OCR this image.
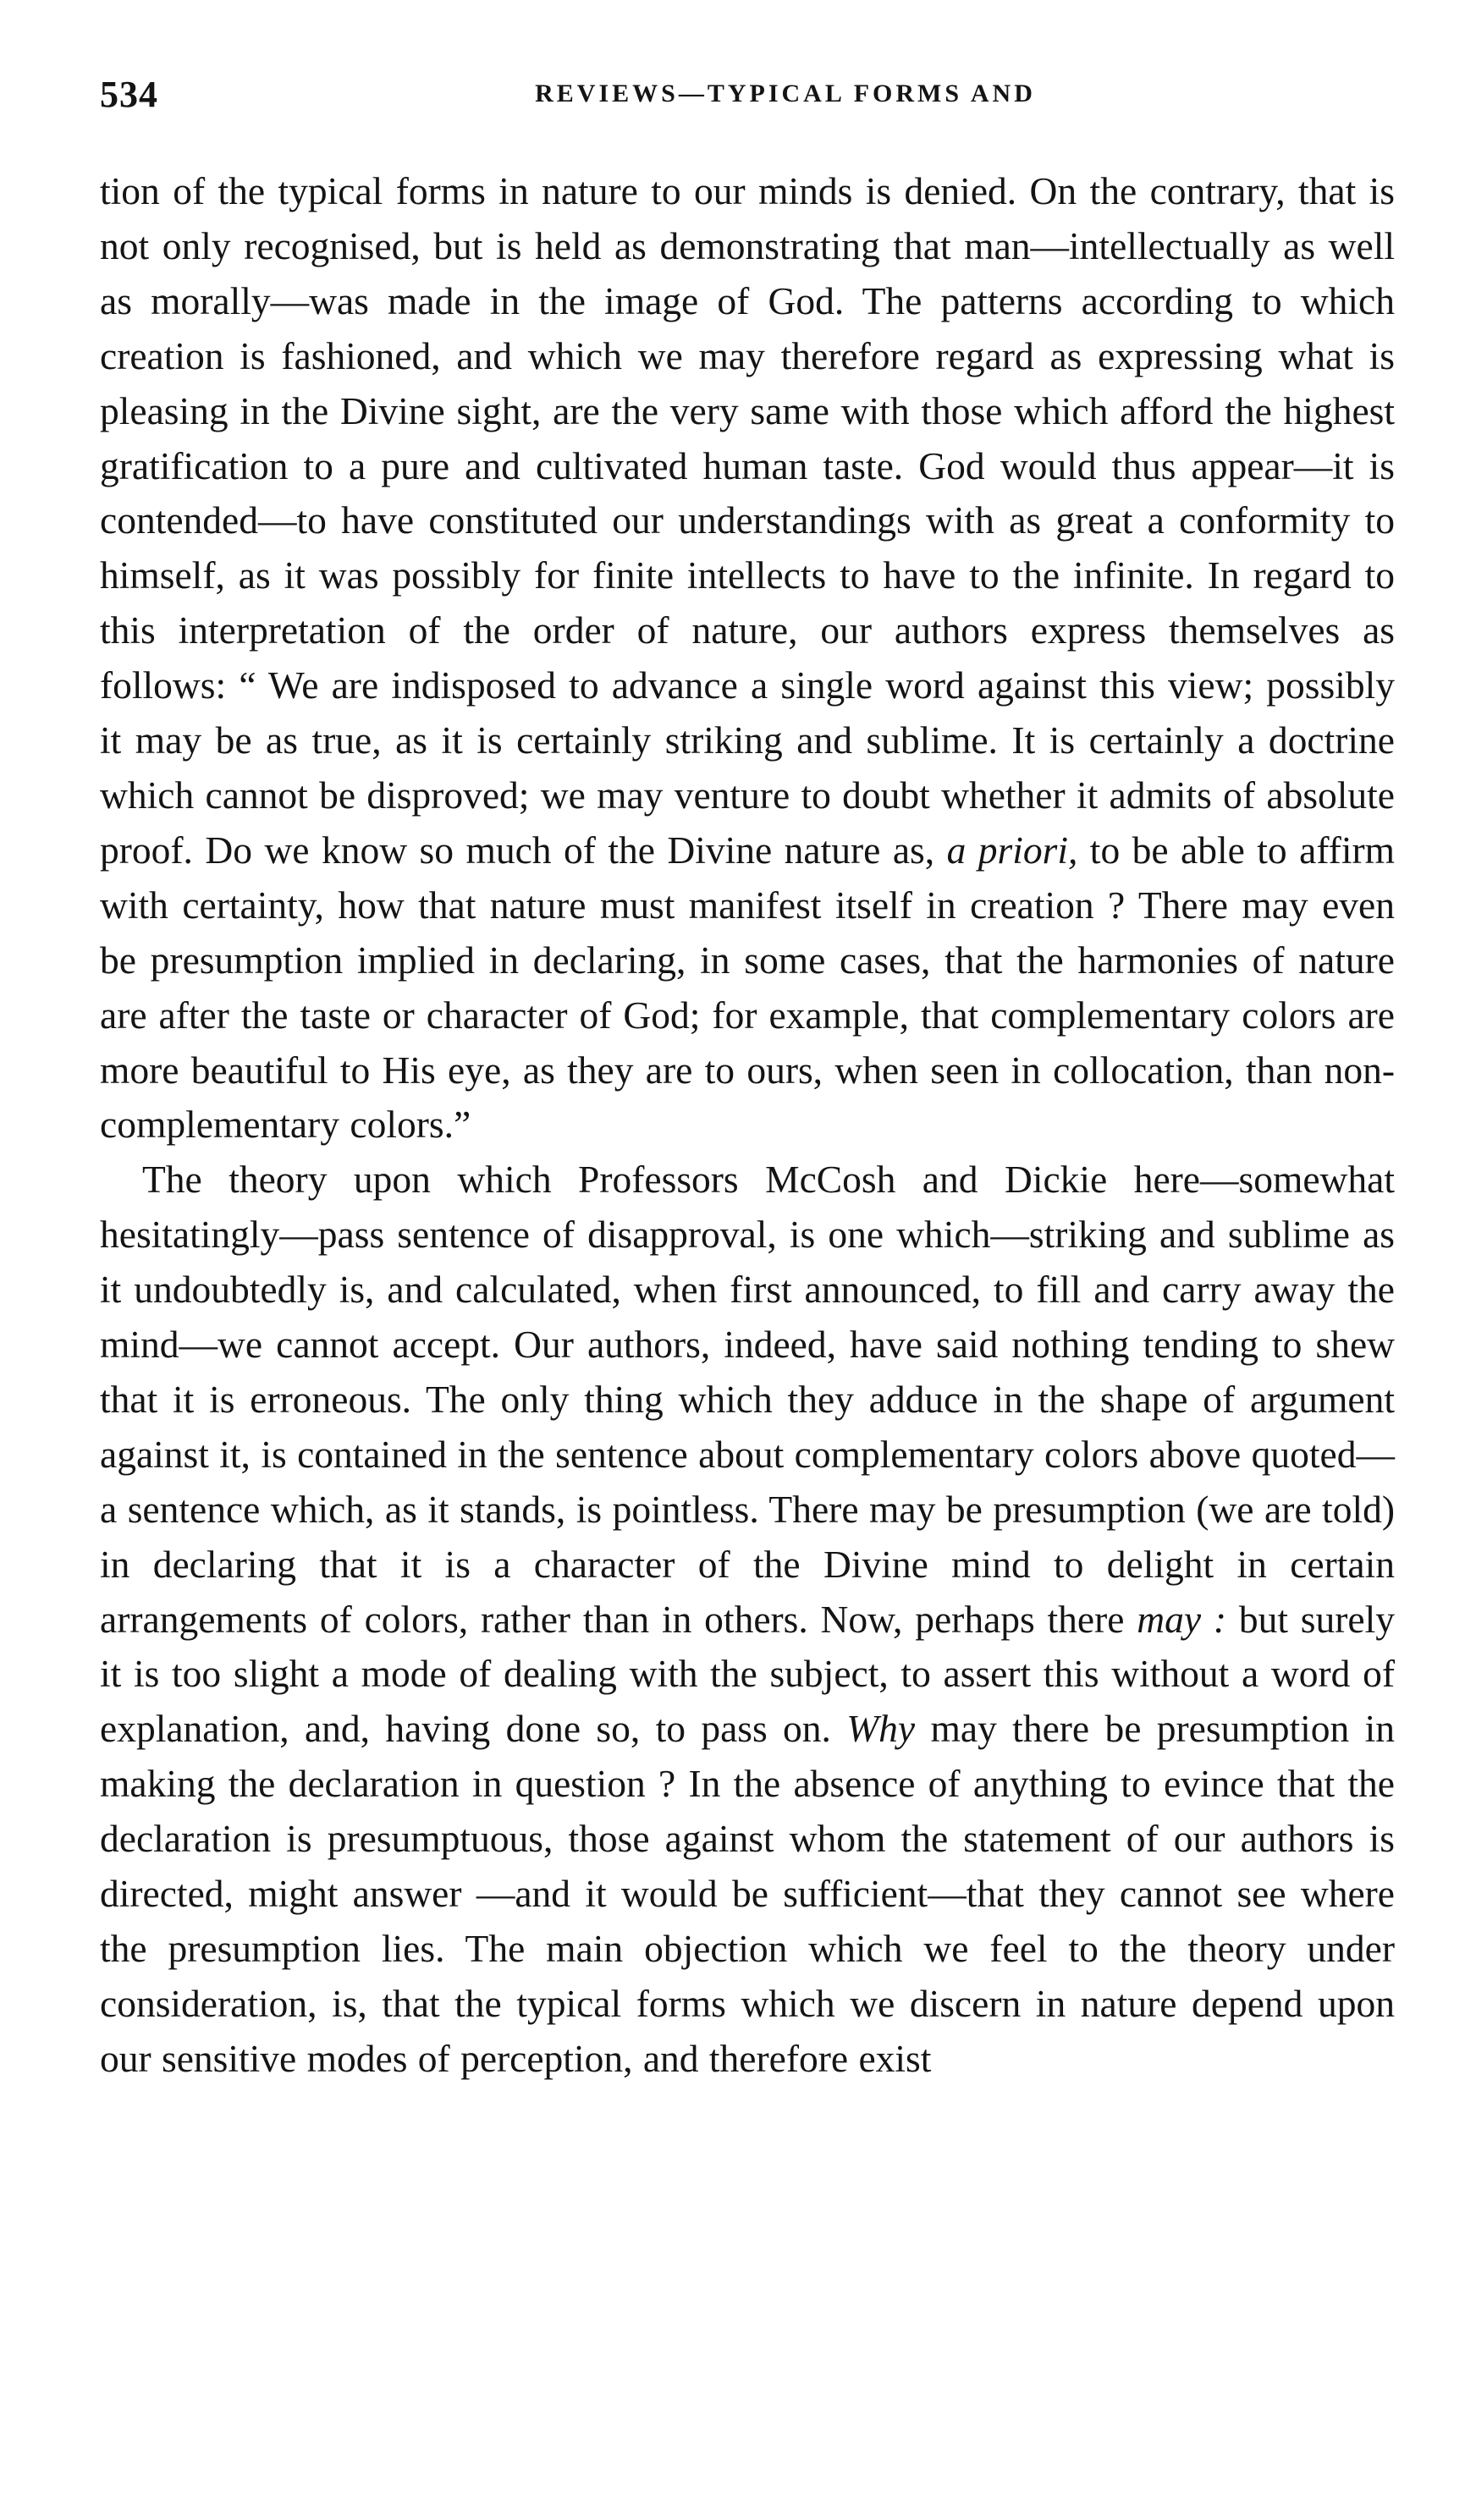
534	REVIEWS—TYPICAL FORMS AND

tion of the typical forms in nature to our minds is denied. On the contrary, that is not only recognised, but is held as demonstrating that man—intellectually as well as morally—was made in the image of God. The patterns according to which creation is fashioned, and which we may therefore regard as expressing what is pleasing in the Divine sight, are the very same with those which afford the highest gratification to a pure and cultivated human taste. God would thus appear—it is contended—to have constituted our understandings with as great a conformity to himself, as it was possibly for finite intellects to have to the infinite. In regard to this interpretation of the order of nature, our authors express themselves as follows: “ We are indisposed to advance a single word against this view; possibly it may be as true, as it is certainly striking and sublime. It is certainly a doctrine which cannot be disproved; we may venture to doubt whether it admits of absolute proof. Do we know so much of the Divine nature as, a priori, to be able to affirm with certainty, how that nature must manifest itself in creation ? There may even be presumption implied in declaring, in some cases, that the harmonies of nature are after the taste or character of God; for example, that complementary colors are more beautiful to His eye, as they are to ours, when seen in collocation, than non-complementary colors.”

The theory upon which Professors McCosh and Dickie here—somewhat hesitatingly—pass sentence of disapproval, is one which—striking and sublime as it undoubtedly is, and calculated, when first announced, to fill and carry away the mind—we cannot accept. Our authors, indeed, have said nothing tending to shew that it is erroneous. The only thing which they adduce in the shape of argument against it, is contained in the sentence about complementary colors above quoted—a sentence which, as it stands, is pointless. There may be presumption (we are told) in declaring that it is a character of the Divine mind to delight in certain arrangements of colors, rather than in others. Now, perhaps there may : but surely it is too slight a mode of dealing with the subject, to assert this without a word of explanation, and, having done so, to pass on. Why may there be presumption in making the declaration in question ? In the absence of anything to evince that the declaration is presumptuous, those against whom the statement of our authors is directed, might answer —and it would be sufficient—that they cannot see where the presumption lies. The main objection which we feel to the theory under consideration, is, that the typical forms which we discern in nature depend upon our sensitive modes of perception, and therefore exist
